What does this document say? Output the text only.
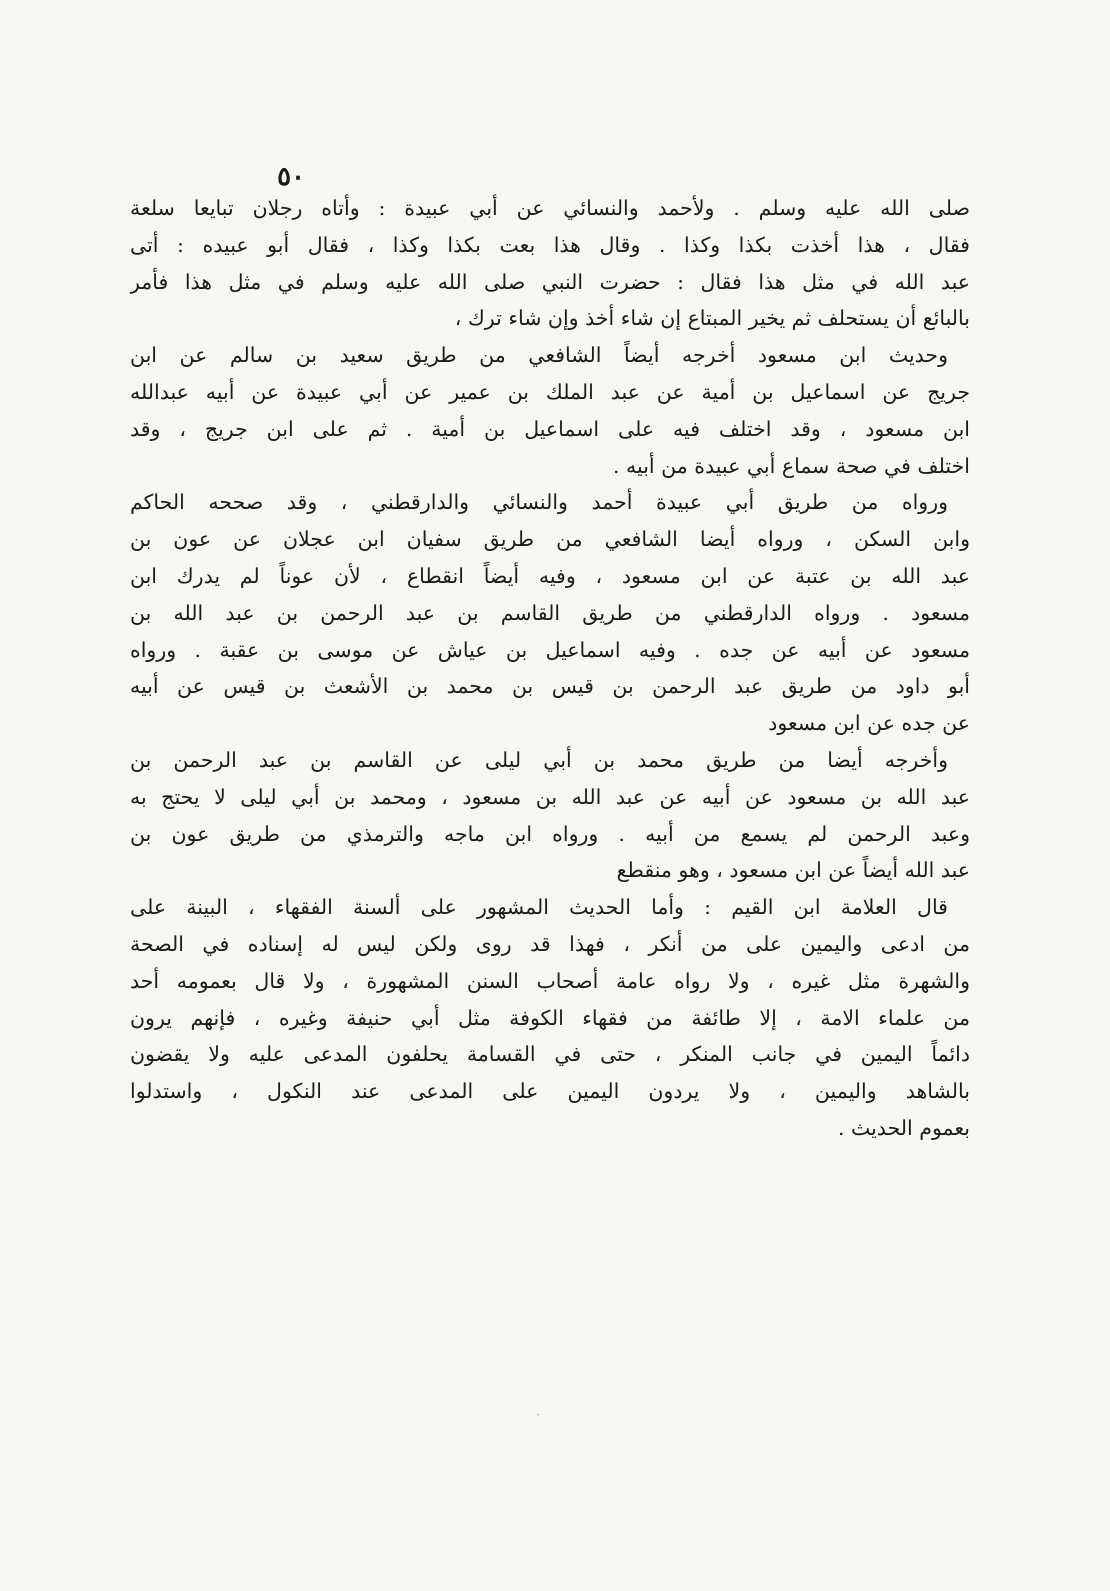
٥٠
صلى الله عليه وسلم . ولأحمد والنسائي عن أبي عبيدة : وأتاه رجلان تبايعا سلعة
فقال ، هذا أخذت بكذا وكذا . وقال هذا بعت بكذا وكذا ، فقال أبو عبيده : أتى
عبد الله في مثل هذا فقال : حضرت النبي صلى الله عليه وسلم في مثل هذا فأمر
بالبائع أن يستحلف ثم يخير المبتاع إن شاء أخذ وإن شاء ترك ،
وحديث ابن مسعود أخرجه أيضاً الشافعي من طريق سعيد بن سالم عن ابن
جريج عن اسماعيل بن أمية عن عبد الملك بن عمير عن أبي عبيدة عن أبيه عبدالله
ابن مسعود ، وقد اختلف فيه على اسماعيل بن أمية . ثم على ابن جريج ، وقد
اختلف في صحة سماع أبي عبيدة من أبيه .
ورواه من طريق أبي عبيدة أحمد والنسائي والدارقطني ، وقد صححه الحاكم
وابن السكن ، ورواه أيضا الشافعي من طريق سفيان ابن عجلان عن عون بن
عبد الله بن عتبة عن ابن مسعود ، وفيه أيضاً انقطاع ، لأن عوناً لم يدرك ابن
مسعود . ورواه الدارقطني من طريق القاسم بن عبد الرحمن بن عبد الله بن
مسعود عن أبيه عن جده . وفيه اسماعيل بن عياش عن موسى بن عقبة . ورواه
أبو داود من طريق عبد الرحمن بن قيس بن محمد بن الأشعث بن قيس عن أبيه
عن جده عن ابن مسعود
وأخرجه أيضا من طريق محمد بن أبي ليلى عن القاسم بن عبد الرحمن بن
عبد الله بن مسعود عن أبيه عن عبد الله بن مسعود ، ومحمد بن أبي ليلى لا يحتج به
وعبد الرحمن لم يسمع من أبيه . ورواه ابن ماجه والترمذي من طريق عون بن
عبد الله أيضاً عن ابن مسعود ، وهو منقطع
قال العلامة ابن القيم : وأما الحديث المشهور على ألسنة الفقهاء ، البينة على
من ادعى واليمين على من أنكر ، فهذا قد روى ولكن ليس له إسناده في الصحة
والشهرة مثل غيره ، ولا رواه عامة أصحاب السنن المشهورة ، ولا قال بعمومه أحد
من علماء الامة ، إلا طائفة من فقهاء الكوفة مثل أبي حنيفة وغيره ، فإنهم يرون
دائماً اليمين في جانب المنكر ، حتى في القسامة يحلفون المدعى عليه ولا يقضون
بالشاهد واليمين ، ولا يردون اليمين على المدعى عند النكول ، واستدلوا
بعموم الحديث .
·
